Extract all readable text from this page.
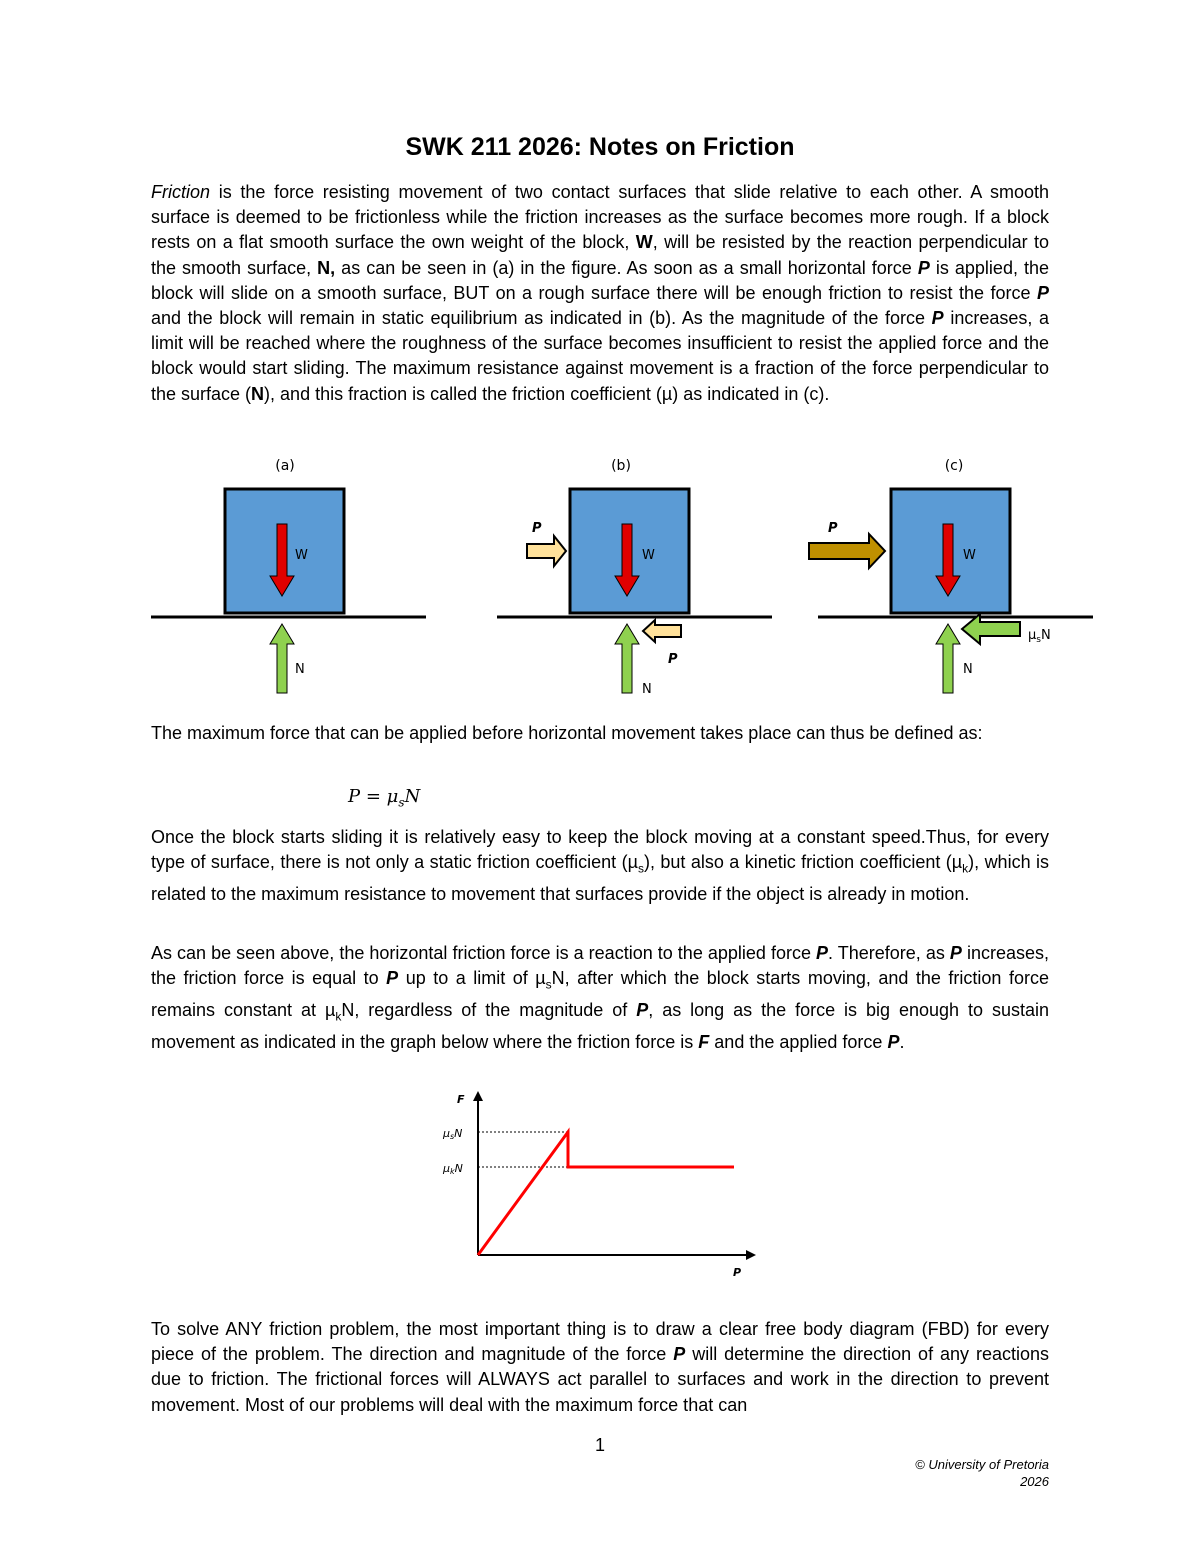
SWK 211 2026: Notes on Friction

Friction is the force resisting movement of two contact surfaces that slide relative to each other. A smooth surface is deemed to be frictionless while the friction increases as the surface becomes more rough. If a block rests on a flat smooth surface the own weight of the block, W, will be resisted by the reaction perpendicular to the smooth surface, N, as can be seen in (a) in the figure. As soon as a small horizontal force P is applied, the block will slide on a smooth surface, BUT on a rough surface there will be enough friction to resist the force P and the block will remain in static equilibrium as indicated in (b). As the magnitude of the force P increases, a limit will be reached where the roughness of the surface becomes insufficient to resist the applied force and the block would start sliding. The maximum resistance against movement is a fraction of the force perpendicular to the surface (N), and this fraction is called the friction coefficient (µ) as indicated in (c).

(a)	(b)	(c)
W
N
W
P
P
N
W
P
$\mu_sN$
N

The maximum force that can be applied before horizontal movement takes place can thus be defined as:

$P = \mu_sN$

Once the block starts sliding it is relatively easy to keep the block moving at a constant speed.Thus, for every type of surface, there is not only a static friction coefficient (µ$_s$), but also a kinetic friction coefficient (µ$_k$), which is related to the maximum resistance to movement that surfaces provide if the object is already in motion.

As can be seen above, the horizontal friction force is a reaction to the applied force P. Therefore, as P increases, the friction force is equal to P up to a limit of µ$_s$N, after which the block starts moving, and the friction force remains constant at µ$_k$N, regardless of the magnitude of P, as long as the force is big enough to sustain movement as indicated in the graph below where the friction force is F and the applied force P.

F
P
μsN
μkN

To solve ANY friction problem, the most important thing is to draw a clear free body diagram (FBD) for every piece of the problem. The direction and magnitude of the force P will determine the direction of any reactions due to friction. The frictional forces will ALWAYS act parallel to surfaces and work in the direction to prevent movement. Most of our problems will deal with the maximum force that can

1
© University of Pretoria
2026
